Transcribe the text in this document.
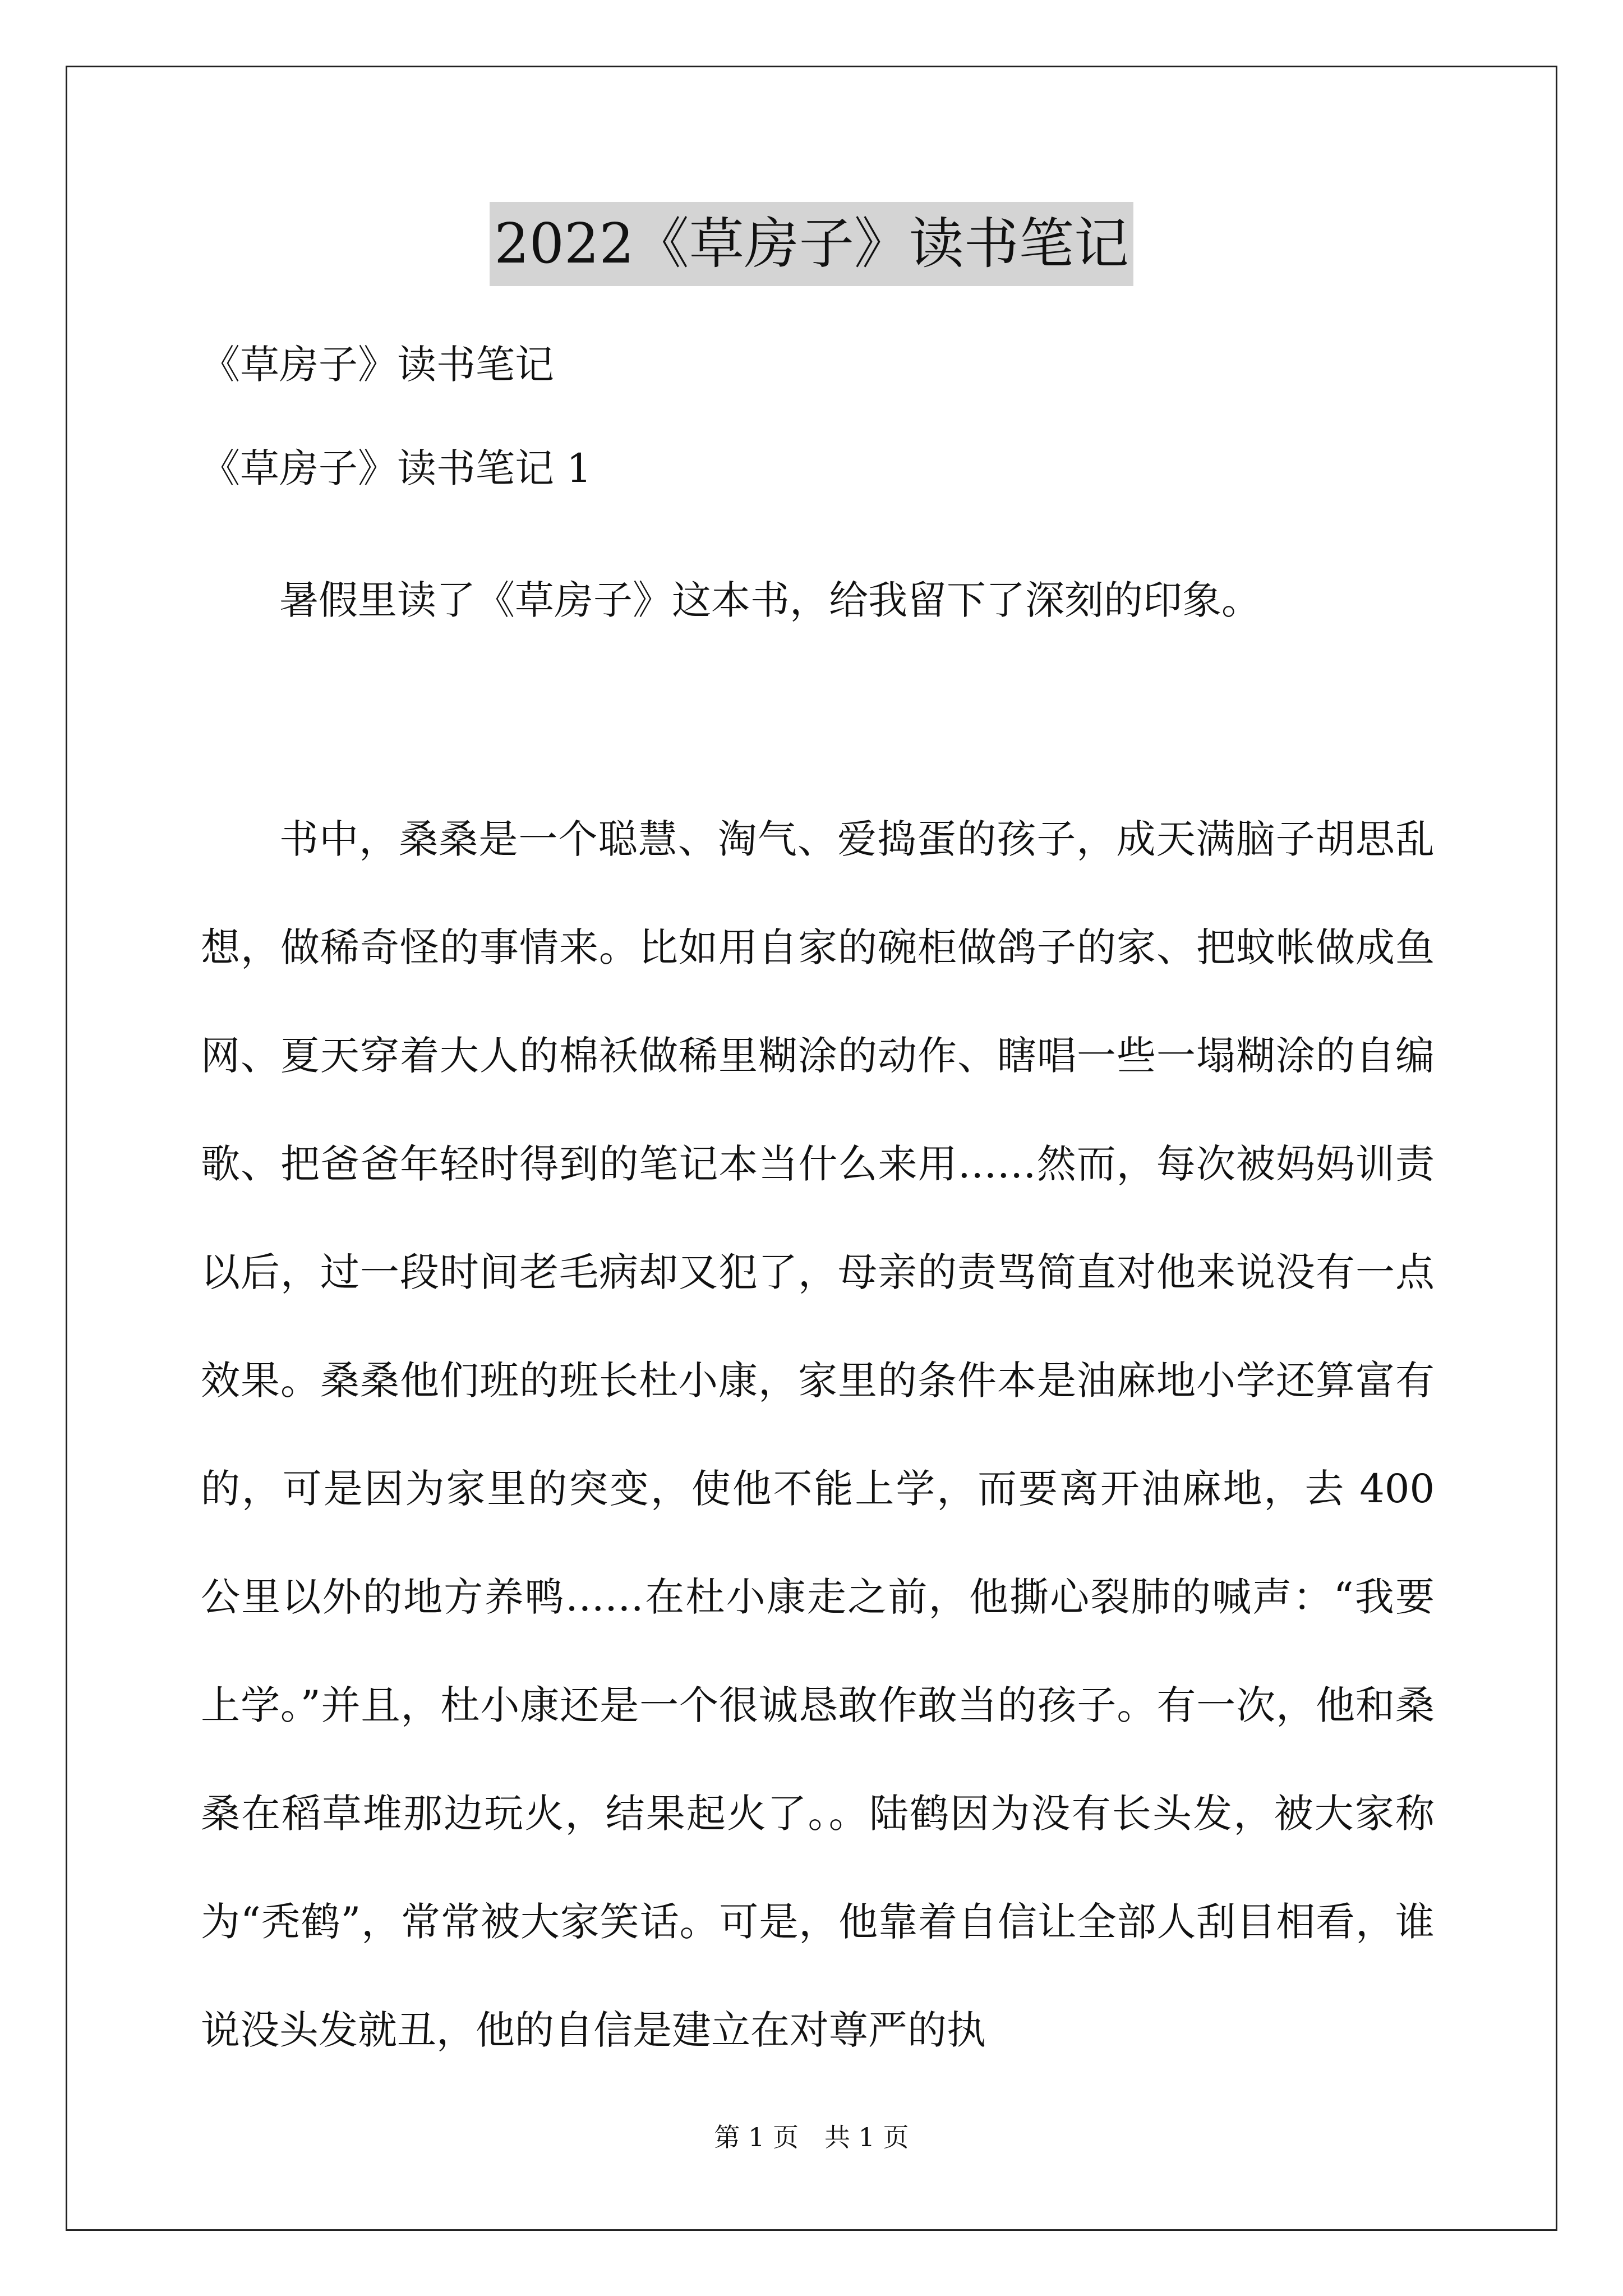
2022《草房子》读书笔记
《草房子》读书笔记
《草房子》读书笔记 1

暑假里读了《草房子》这本书，给我留下了深刻的印象。

书中，桑桑是一个聪慧、淘气、爱捣蛋的孩子，成天满脑子胡思乱想，做稀奇怪的事情来。比如用自家的碗柜做鸽子的家、把蚊帐做成鱼网、夏天穿着大人的棉袄做稀里糊涂的动作、瞎唱一些一塌糊涂的自编歌、把爸爸年轻时得到的笔记本当什么来用……然而，每次被妈妈训责以后，过一段时间老毛病却又犯了，母亲的责骂简直对他来说没有一点效果。桑桑他们班的班长杜小康，家里的条件本是油麻地小学还算富有的，可是因为家里的突变，使他不能上学，而要离开油麻地，去 400 公里以外的地方养鸭……在杜小康走之前，他撕心裂肺的喊声：“我要上学。”并且，杜小康还是一个很诚恳敢作敢当的孩子。有一次，他和桑桑在稻草堆那边玩火，结果起火了。。陆鹤因为没有长头发，被大家称为“秃鹤”，常常被大家笑话。可是，他靠着自信让全部人刮目相看，谁说没头发就丑，他的自信是建立在对尊严的执

第 1 页　共 1 页
